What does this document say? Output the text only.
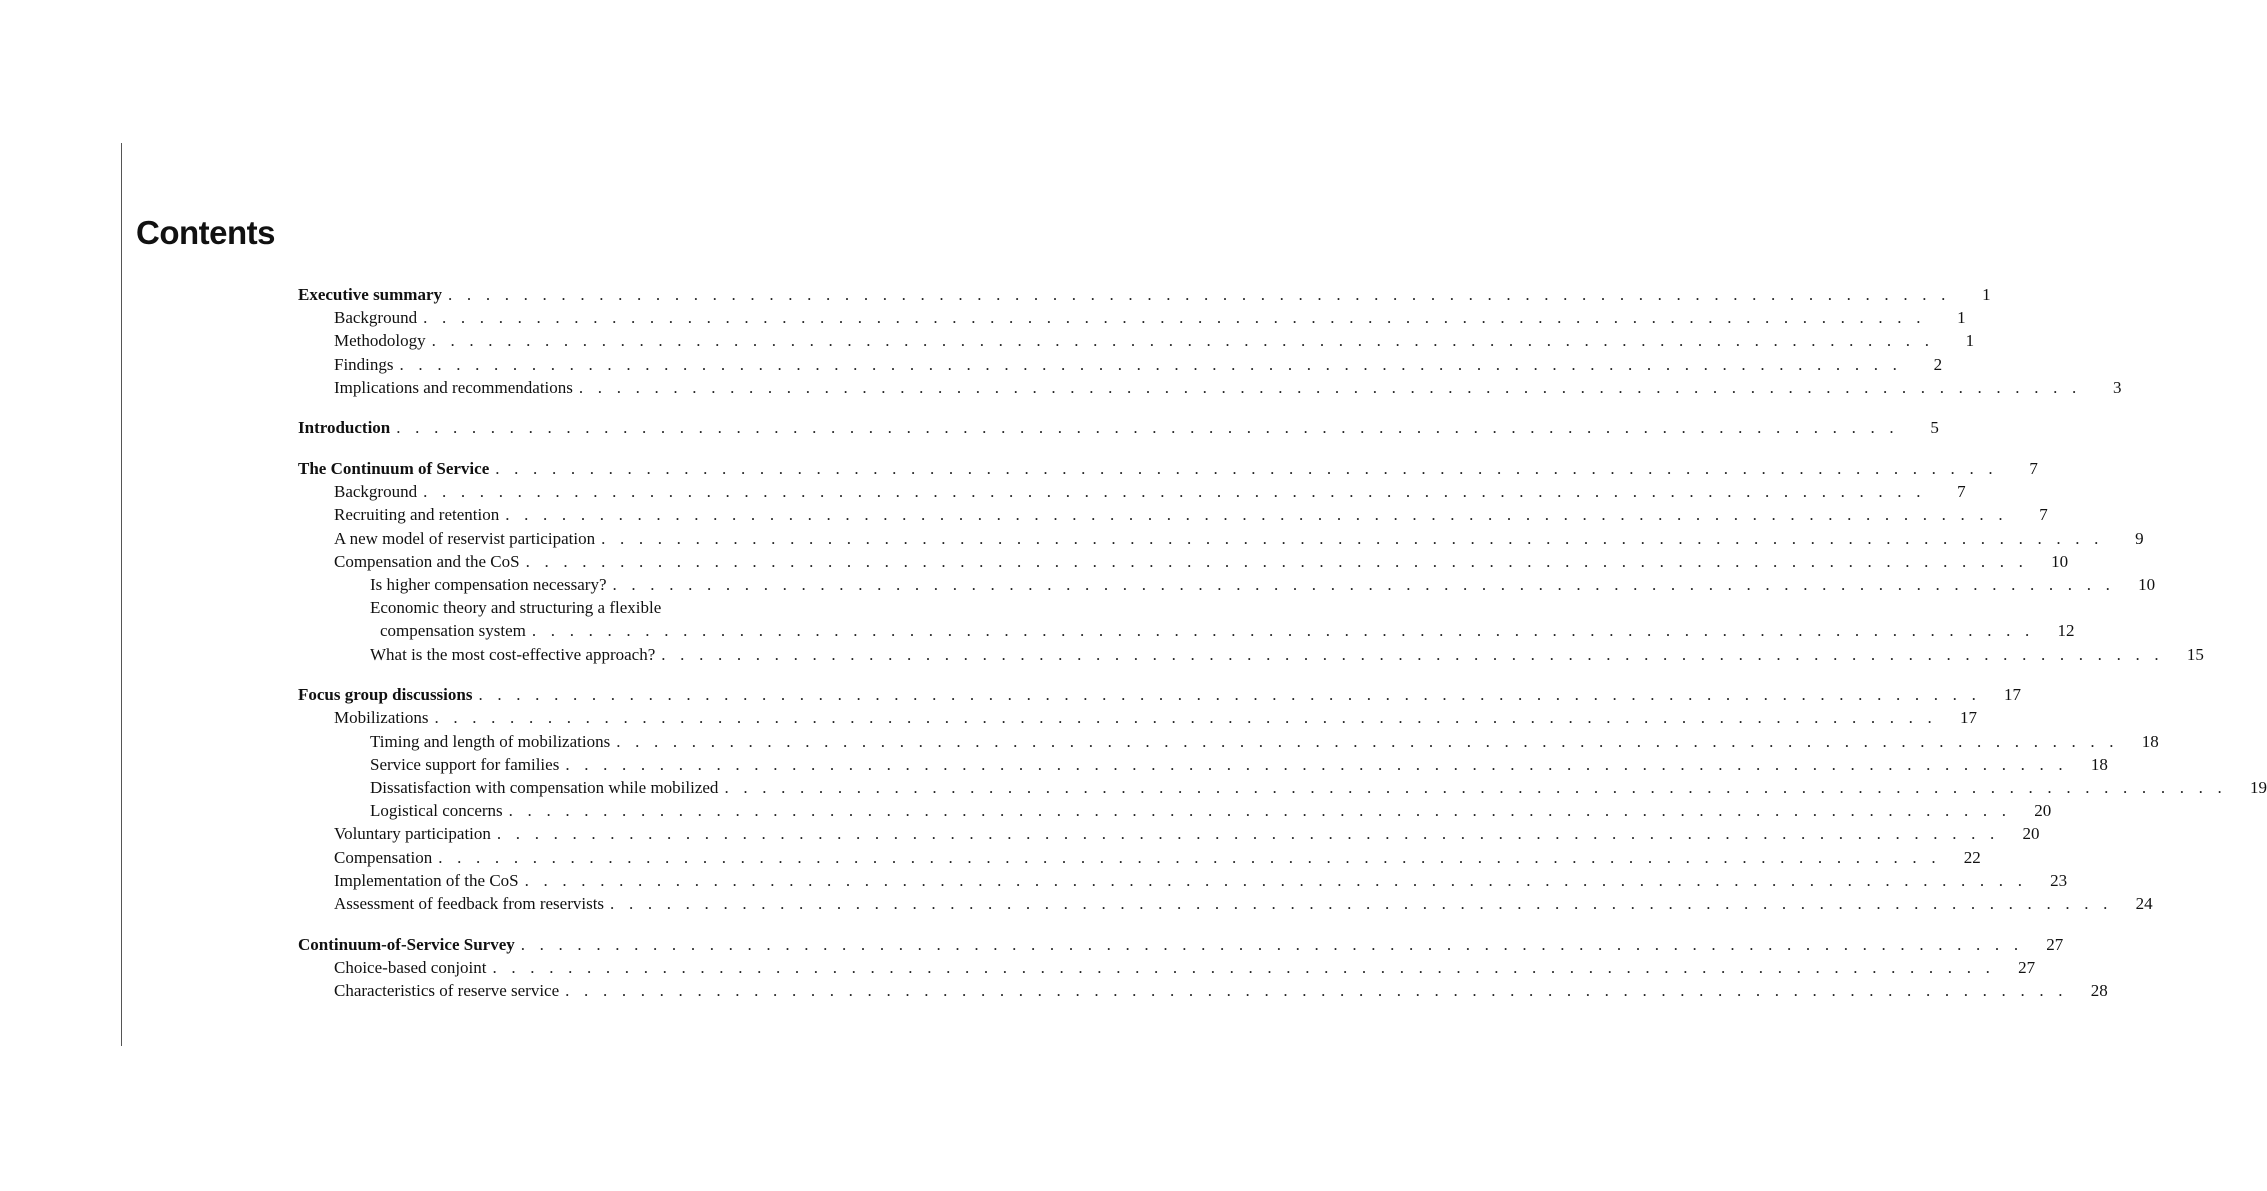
Contents
Executive summary . . . . . . . . . . . . . . . . . . . . . . . . . . . . . . . . . . . . . . . . . . . . . . . . . . . . . . . . . . . . . . . . . . . . . . . . . . . . . . . .	1
Background . . . . . . . . . . . . . . . . . . . . . . . . . . . . . . . . . . . . . . . . . . . . . . . . . . . . . . . . . . . . . . . . . . . . . . . . . . . . . . . .	1
Methodology . . . . . . . . . . . . . . . . . . . . . . . . . . . . . . . . . . . . . . . . . . . . . . . . . . . . . . . . . . . . . . . . . . . . . . . . . . . . . . . .	1
Findings . . . . . . . . . . . . . . . . . . . . . . . . . . . . . . . . . . . . . . . . . . . . . . . . . . . . . . . . . . . . . . . . . . . . . . . . . . . . . . . .	2
Implications and recommendations . . . . . . . . . . . . . . . . . . . . . . . . . . . . . . . . . . . . . . . . . . . . . . . . . . . . . . . . . . . . . . . . . . . . . . . . . . . . . . . .	3
Introduction . . . . . . . . . . . . . . . . . . . . . . . . . . . . . . . . . . . . . . . . . . . . . . . . . . . . . . . . . . . . . . . . . . . . . . . . . . . . . . . .	5
The Continuum of Service . . . . . . . . . . . . . . . . . . . . . . . . . . . . . . . . . . . . . . . . . . . . . . . . . . . . . . . . . . . . . . . . . . . . . . . . . . . . . . . .	7
Background . . . . . . . . . . . . . . . . . . . . . . . . . . . . . . . . . . . . . . . . . . . . . . . . . . . . . . . . . . . . . . . . . . . . . . . . . . . . . . . .	7
Recruiting and retention . . . . . . . . . . . . . . . . . . . . . . . . . . . . . . . . . . . . . . . . . . . . . . . . . . . . . . . . . . . . . . . . . . . . . . . . . . . . . . . .	7
A new model of reservist participation . . . . . . . . . . . . . . . . . . . . . . . . . . . . . . . . . . . . . . . . . . . . . . . . . . . . . . . . . . . . . . . . . . . . . . . . . . . . . . . .	9
Compensation and the CoS . . . . . . . . . . . . . . . . . . . . . . . . . . . . . . . . . . . . . . . . . . . . . . . . . . . . . . . . . . . . . . . . . . . . . . . . . . . . . . . .	10
Is higher compensation necessary? . . . . . . . . . . . . . . . . . . . . . . . . . . . . . . . . . . . . . . . . . . . . . . . . . . . . . . . . . . . . . . . . . . . . . . . . . . . . . . . .	10
Economic theory and structuring a flexible
compensation system . . . . . . . . . . . . . . . . . . . . . . . . . . . . . . . . . . . . . . . . . . . . . . . . . . . . . . . . . . . . . . . . . . . . . . . . . . . . . . . .	12
What is the most cost-effective approach? . . . . . . . . . . . . . . . . . . . . . . . . . . . . . . . . . . . . . . . . . . . . . . . . . . . . . . . . . . . . . . . . . . . . . . . . . . . . . . . .	15
Focus group discussions . . . . . . . . . . . . . . . . . . . . . . . . . . . . . . . . . . . . . . . . . . . . . . . . . . . . . . . . . . . . . . . . . . . . . . . . . . . . . . . .	17
Mobilizations . . . . . . . . . . . . . . . . . . . . . . . . . . . . . . . . . . . . . . . . . . . . . . . . . . . . . . . . . . . . . . . . . . . . . . . . . . . . . . . .	17
Timing and length of mobilizations . . . . . . . . . . . . . . . . . . . . . . . . . . . . . . . . . . . . . . . . . . . . . . . . . . . . . . . . . . . . . . . . . . . . . . . . . . . . . . . .	18
Service support for families . . . . . . . . . . . . . . . . . . . . . . . . . . . . . . . . . . . . . . . . . . . . . . . . . . . . . . . . . . . . . . . . . . . . . . . . . . . . . . . .	18
Dissatisfaction with compensation while mobilized . . . . . . . . . . . . . . . . . . . . . . . . . . . . . . . . . . . . . . . . . . . . . . . . . . . . . . . . . . . . . . . . . . . . . . . . . . . . . . . .	19
Logistical concerns . . . . . . . . . . . . . . . . . . . . . . . . . . . . . . . . . . . . . . . . . . . . . . . . . . . . . . . . . . . . . . . . . . . . . . . . . . . . . . . .	20
Voluntary participation . . . . . . . . . . . . . . . . . . . . . . . . . . . . . . . . . . . . . . . . . . . . . . . . . . . . . . . . . . . . . . . . . . . . . . . . . . . . . . . .	20
Compensation . . . . . . . . . . . . . . . . . . . . . . . . . . . . . . . . . . . . . . . . . . . . . . . . . . . . . . . . . . . . . . . . . . . . . . . . . . . . . . . .	22
Implementation of the CoS . . . . . . . . . . . . . . . . . . . . . . . . . . . . . . . . . . . . . . . . . . . . . . . . . . . . . . . . . . . . . . . . . . . . . . . . . . . . . . . .	23
Assessment of feedback from reservists . . . . . . . . . . . . . . . . . . . . . . . . . . . . . . . . . . . . . . . . . . . . . . . . . . . . . . . . . . . . . . . . . . . . . . . . . . . . . . . .	24
Continuum-of-Service Survey . . . . . . . . . . . . . . . . . . . . . . . . . . . . . . . . . . . . . . . . . . . . . . . . . . . . . . . . . . . . . . . . . . . . . . . . . . . . . . . .	27
Choice-based conjoint . . . . . . . . . . . . . . . . . . . . . . . . . . . . . . . . . . . . . . . . . . . . . . . . . . . . . . . . . . . . . . . . . . . . . . . . . . . . . . . .	27
Characteristics of reserve service . . . . . . . . . . . . . . . . . . . . . . . . . . . . . . . . . . . . . . . . . . . . . . . . . . . . . . . . . . . . . . . . . . . . . . . . . . . . . . . .	28
